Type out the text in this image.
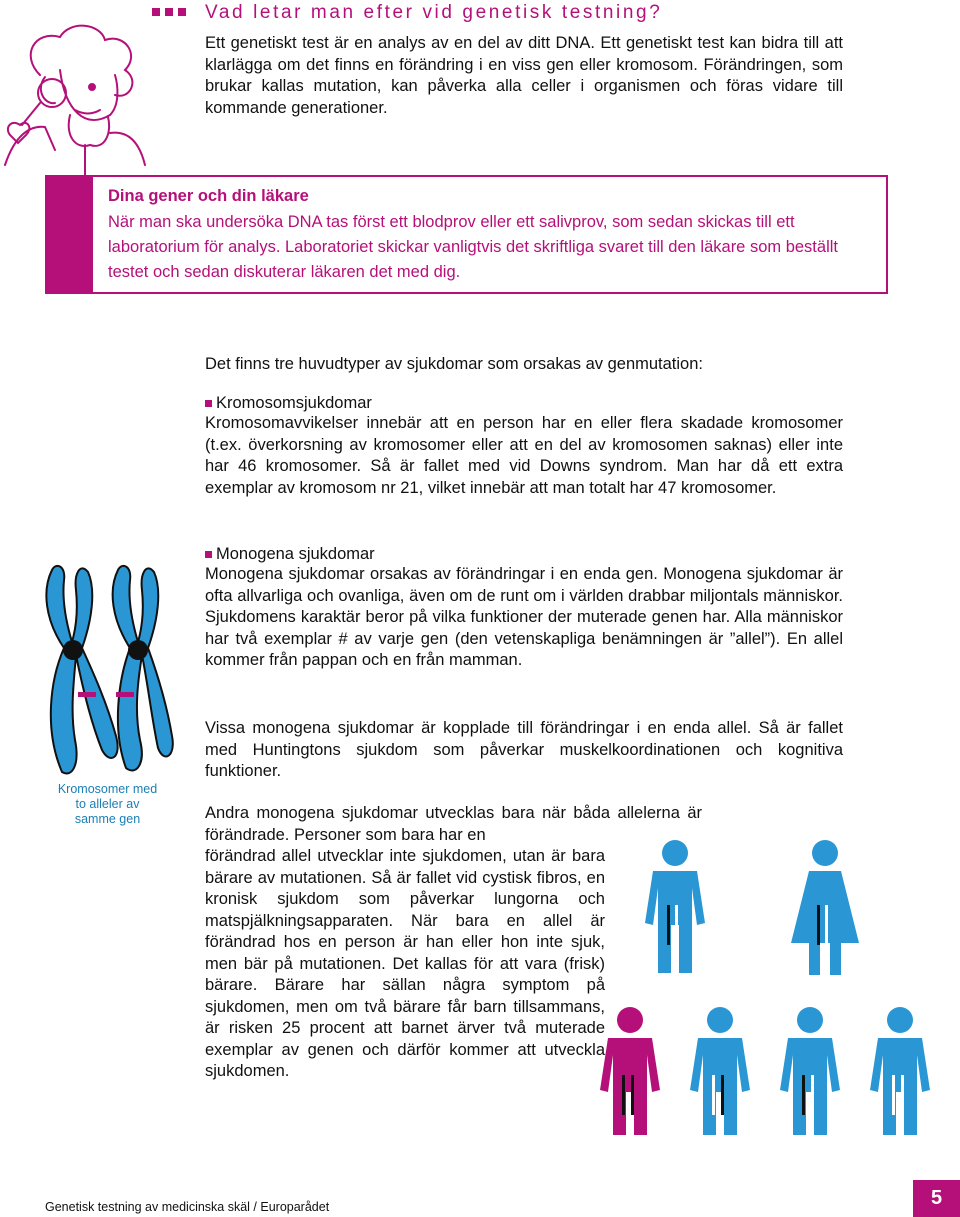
Vad letar man efter vid genetisk testning?
Ett genetiskt test är en analys av en del av ditt DNA. Ett genetiskt test kan bidra till att klarlägga om det finns en förändring i en viss gen eller kromosom. Förändringen, som brukar kallas mutation, kan påverka alla celler i organismen och föras vidare till kommande generationer.
Dina gener och din läkare
När man ska undersöka DNA tas först ett blodprov eller ett salivprov, som sedan skickas till ett laboratorium för analys. Laboratoriet skickar vanligtvis det skriftliga svaret till den läkare som beställt testet och sedan diskuterar läkaren det med dig.
Det finns tre huvudtyper av sjukdomar som orsakas av genmutation:
Kromosomsjukdomar
Kromosomavvikelser innebär att en person har en eller flera skadade kromosomer (t.ex. överkorsning av kromosomer eller att en del av kromosomen saknas) eller inte har 46 kromosomer. Så är fallet med vid Downs syndrom. Man har då ett extra exemplar av kromosom nr 21, vilket innebär att man totalt har 47 kromosomer.
Monogena sjukdomar
Monogena sjukdomar orsakas av förändringar i en enda gen. Monogena sjukdomar är ofta allvarliga och ovanliga, även om de runt om i världen drabbar miljontals människor. Sjukdomens karaktär beror på vilka funktioner der muterade genen har. Alla människor har två exemplar # av varje gen (den vetenskapliga benämningen är ”allel”). En allel kommer från pappan och en från mamman.
Vissa monogena sjukdomar är kopplade till förändringar i en enda allel. Så är fallet med Huntingtons sjukdom som påverkar muskelkoordinationen och kognitiva funktioner.
Andra monogena sjukdomar utvecklas bara när båda allelerna är förändrade. Personer som bara har en
förändrad allel utvecklar inte sjukdomen, utan är bara bärare av mutationen. Så är fallet vid cystisk fibros, en kronisk sjukdom som påverkar lungorna och matspjälkningsapparaten. När bara en allel är förändrad hos en person är han eller hon inte sjuk, men bär på mutationen. Det kallas för att vara (frisk) bärare. Bärare har sällan några symptom på sjukdomen, men om två bärare får barn tillsammans, är risken 25 procent att barnet ärver två muterade exemplar av genen och därför kommer att utveckla sjukdomen.
Kromosomer med to alleler av samme gen
Genetisk testning av medicinska skäl / Europarådet	5
